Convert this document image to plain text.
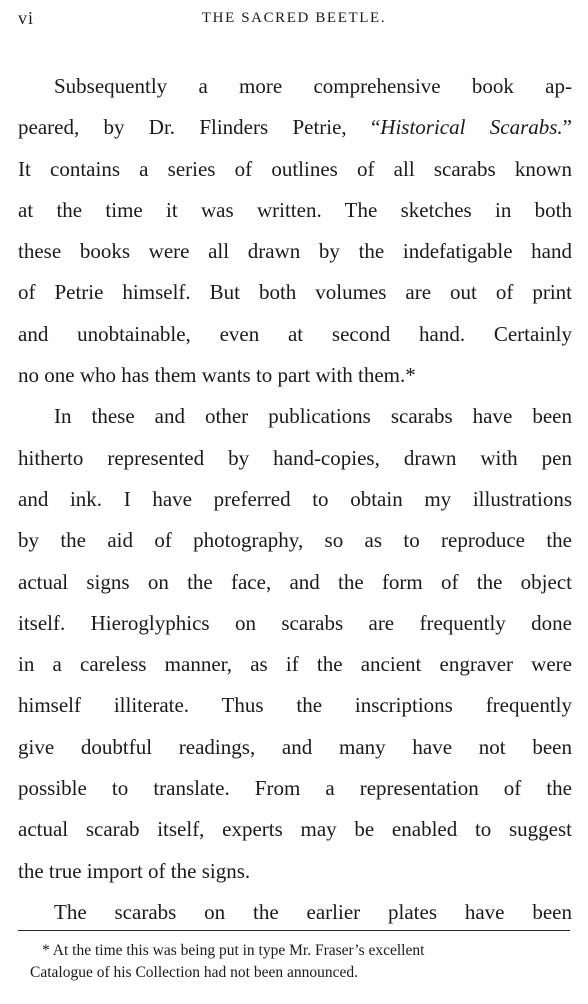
vi	THE SACRED BEETLE.
Subsequently a more comprehensive book ap-
peared, by Dr. Flinders Petrie, “Historical Scarabs.”
It contains a series of outlines of all scarabs known
at the time it was written. The sketches in both
these books were all drawn by the indefatigable hand
of Petrie himself. But both volumes are out of print
and unobtainable, even at second hand. Certainly
no one who has them wants to part with them.*
In these and other publications scarabs have been
hitherto represented by hand-copies, drawn with pen
and ink. I have preferred to obtain my illustrations
by the aid of photography, so as to reproduce the
actual signs on the face, and the form of the object
itself. Hieroglyphics on scarabs are frequently done
in a careless manner, as if the ancient engraver were
himself illiterate. Thus the inscriptions frequently
give doubtful readings, and many have not been
possible to translate. From a representation of the
actual scarab itself, experts may be enabled to suggest
the true import of the signs.
The scarabs on the earlier plates have been
* At the time this was being put in type Mr. Fraser’s excellent
Catalogue of his Collection had not been announced.
